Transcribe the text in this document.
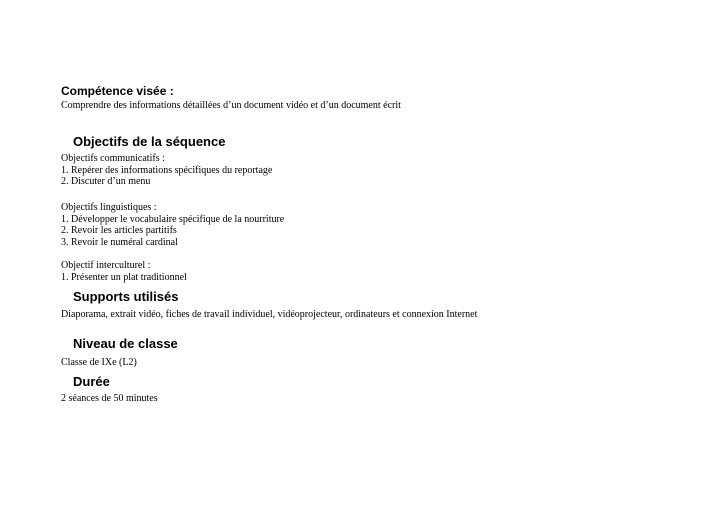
Compétence visée :
Comprendre des informations détaillées d’un document vidéo et d’un document écrit
Objectifs de la séquence
Objectifs communicatifs :
1. Repérer des informations spécifiques du reportage
2. Discuter d’un menu
Objectifs linguistiques :
1. Développer le vocabulaire spécifique de la nourriture
2. Revoir les articles partitifs
3. Revoir le numéral cardinal
Objectif interculturel :
1. Présenter un plat traditionnel
Supports utilisés
Diaporama, extrait vidéo, fiches de travail individuel, vidéoprojecteur, ordinateurs et connexion Internet
Niveau de classe
Classe de IXe (L2)
Durée
2 séances de 50 minutes
